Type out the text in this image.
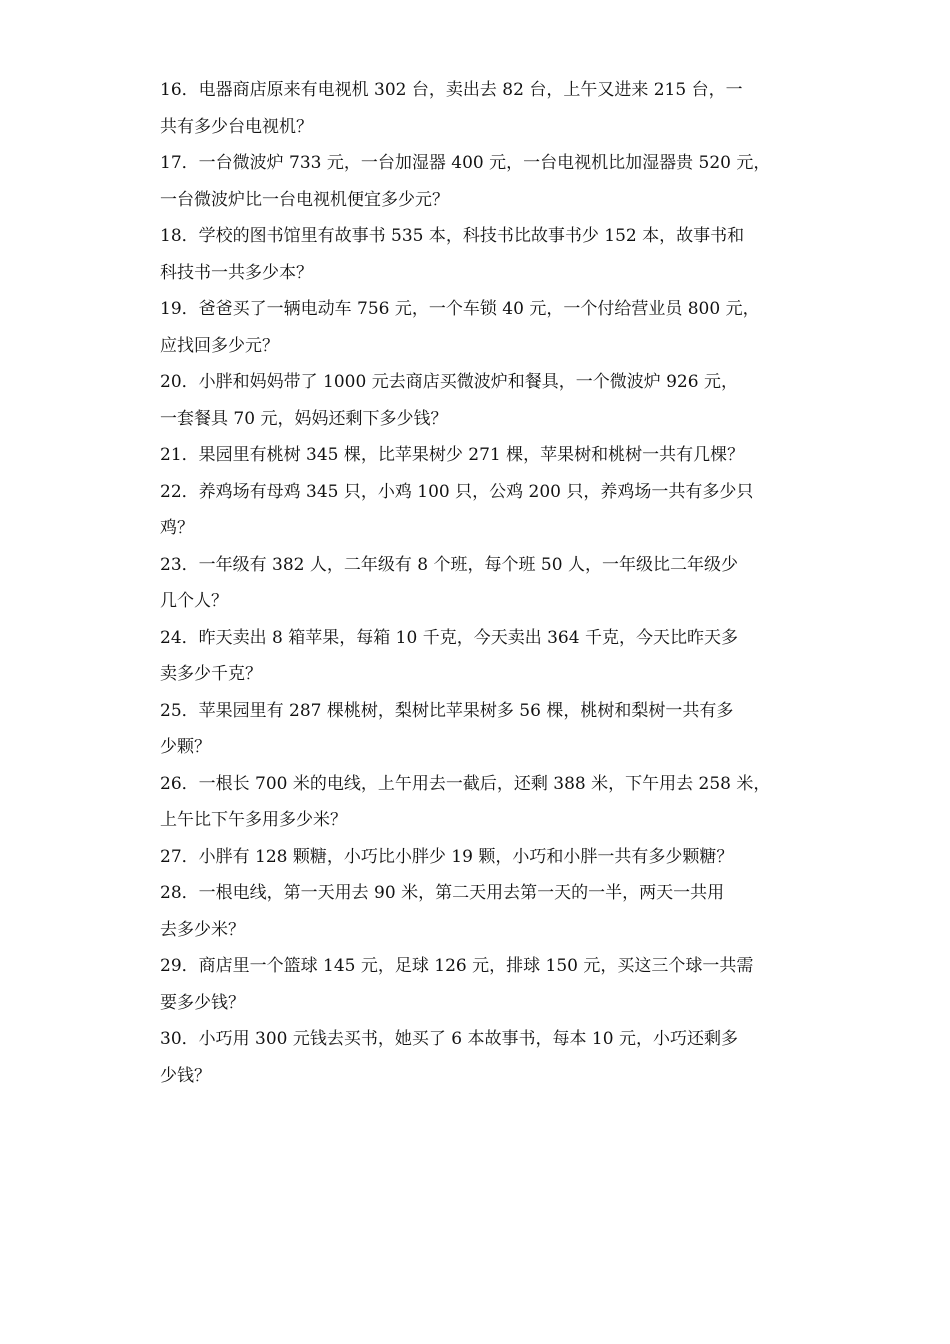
16．电器商店原来有电视机 302 台，卖出去 82 台，上午又进来 215 台，一
共有多少台电视机？
17．一台微波炉 733 元，一台加湿器 400 元，一台电视机比加湿器贵 520 元，
一台微波炉比一台电视机便宜多少元？
18．学校的图书馆里有故事书 535 本，科技书比故事书少 152 本，故事书和
科技书一共多少本？
19．爸爸买了一辆电动车 756 元，一个车锁 40 元，一个付给营业员 800 元，
应找回多少元？
20．小胖和妈妈带了 1000 元去商店买微波炉和餐具，一个微波炉 926 元，
一套餐具 70 元，妈妈还剩下多少钱？
21．果园里有桃树 345 棵，比苹果树少 271 棵，苹果树和桃树一共有几棵？
22．养鸡场有母鸡 345 只，小鸡 100 只，公鸡 200 只，养鸡场一共有多少只
鸡？
23．一年级有 382 人，二年级有 8 个班，每个班 50 人，一年级比二年级少
几个人？
24．昨天卖出 8 箱苹果，每箱 10 千克，今天卖出 364 千克，今天比昨天多
卖多少千克？
25．苹果园里有 287 棵桃树，梨树比苹果树多 56 棵，桃树和梨树一共有多
少颗？
26．一根长 700 米的电线，上午用去一截后，还剩 388 米，下午用去 258 米，
上午比下午多用多少米？
27．小胖有 128 颗糖，小巧比小胖少 19 颗，小巧和小胖一共有多少颗糖？
28．一根电线，第一天用去 90 米，第二天用去第一天的一半，两天一共用
去多少米？
29．商店里一个篮球 145 元，足球 126 元，排球 150 元，买这三个球一共需
要多少钱？
30．小巧用 300 元钱去买书，她买了 6 本故事书，每本 10 元，小巧还剩多
少钱？
